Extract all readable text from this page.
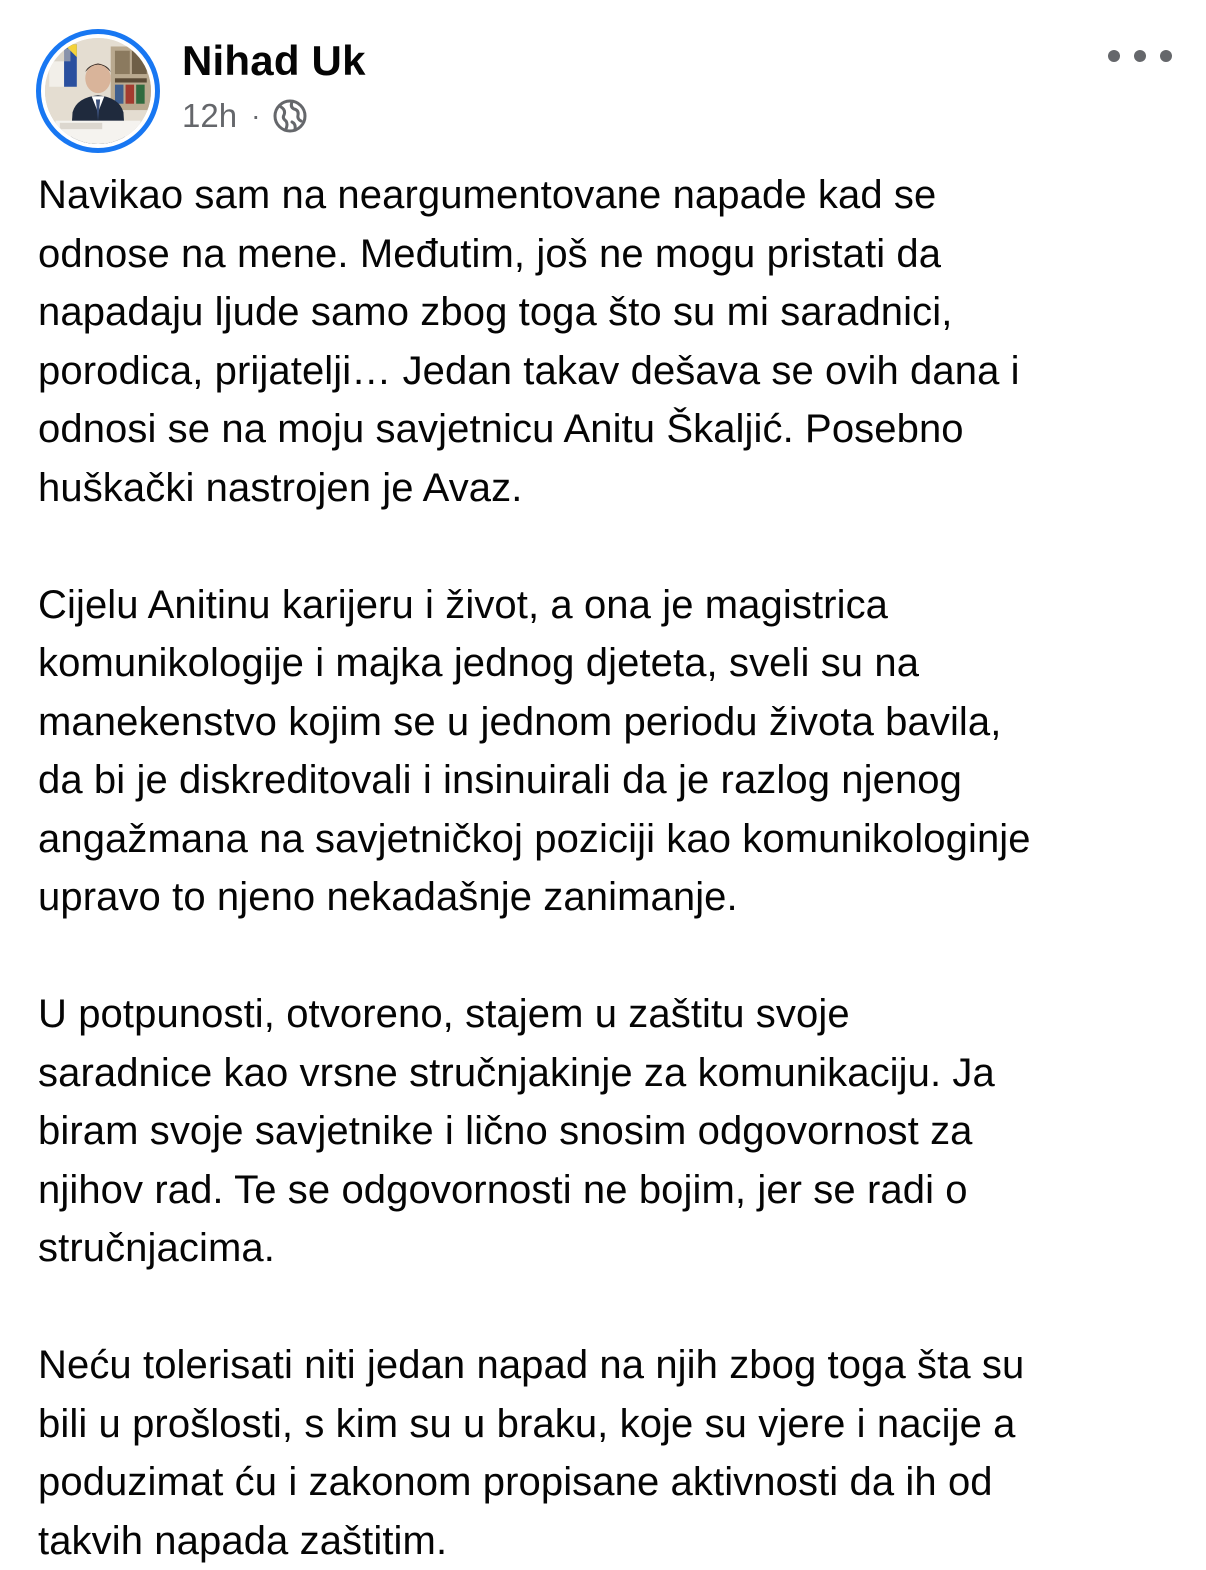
Nihad Uk
12h ·

Navikao sam na neargumentovane napade kad se
odnose na mene. Međutim, još ne mogu pristati da
napadaju ljude samo zbog toga što su mi saradnici,
porodica, prijatelji… Jedan takav dešava se ovih dana i
odnosi se na moju savjetnicu Anitu Škaljić. Posebno
huškački nastrojen je Avaz.

Cijelu Anitinu karijeru i život, a ona je magistrica
komunikologije i majka jednog djeteta, sveli su na
manekenstvo kojim se u jednom periodu života bavila,
da bi je diskreditovali i insinuirali da je razlog njenog
angažmana na savjetničkoj poziciji kao komunikologinje
upravo to njeno nekadašnje zanimanje.

U potpunosti, otvoreno, stajem u zaštitu svoje
saradnice kao vrsne stručnjakinje za komunikaciju. Ja
biram svoje savjetnike i lično snosim odgovornost za
njihov rad. Te se odgovornosti ne bojim, jer se radi o
stručnjacima.

Neću tolerisati niti jedan napad na njih zbog toga šta su
bili u prošlosti, s kim su u braku, koje su vjere i nacije a
poduzimat ću i zakonom propisane aktivnosti da ih od
takvih napada zaštitim.
